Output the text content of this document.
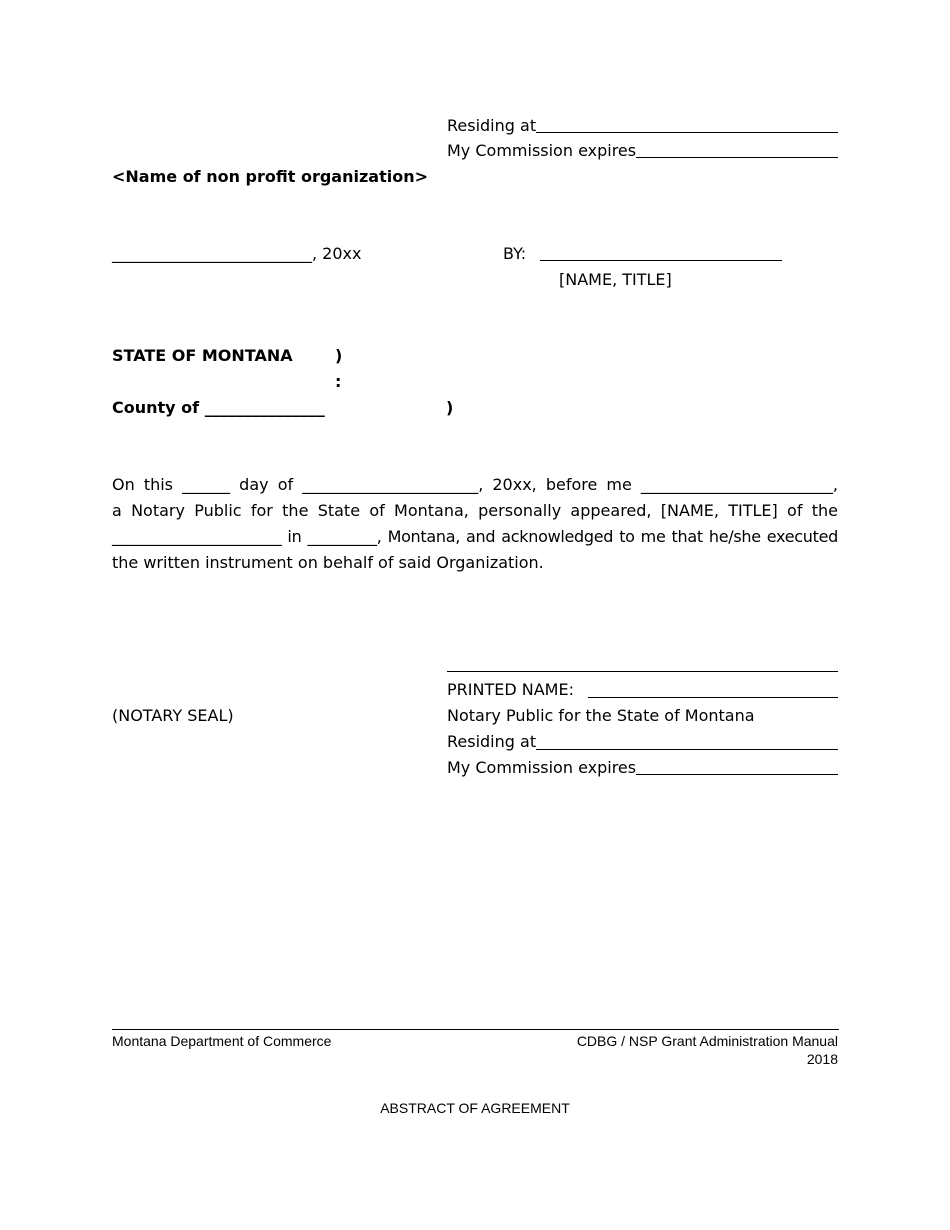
Residing at
My Commission expires
<Name of non profit organization>
_________________________, 20xx	BY:
[NAME, TITLE]
STATE OF MONTANA	)
:
County of _______________	)
On this ______ day of ______________________, 20xx, before me ________________________,
a Notary Public for the State of Montana, personally appeared, [NAME, TITLE] of the
______________________ in _________, Montana, and acknowledged to me that he/she executed
the written instrument on behalf of said Organization.
PRINTED NAME:
(NOTARY SEAL)	Notary Public for the State of Montana
Residing at
My Commission expires
Montana Department of Commerce	CDBG / NSP Grant Administration Manual
2018
ABSTRACT OF AGREEMENT
